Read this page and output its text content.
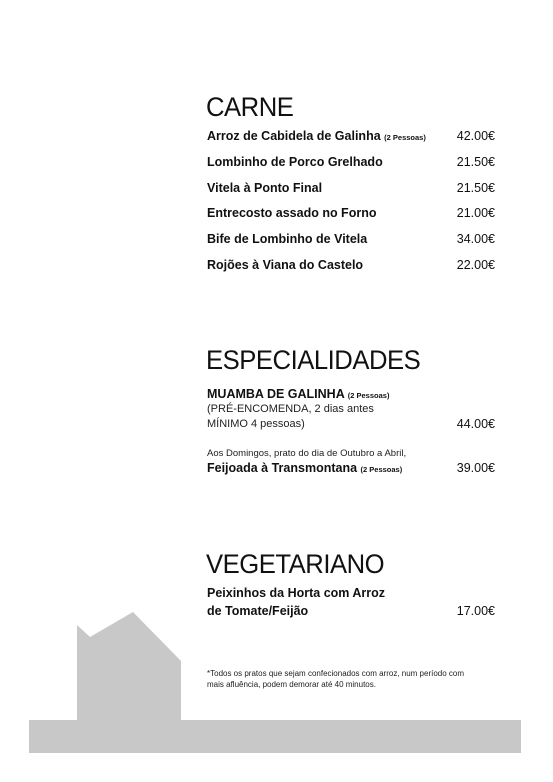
CARNE
Arroz de Cabidela de Galinha (2 Pessoas)	42.00€
Lombinho de Porco Grelhado	21.50€
Vitela à Ponto Final	21.50€
Entrecosto assado no Forno	21.00€
Bife de Lombinho de Vitela	34.00€
Rojões à Viana do Castelo	22.00€
ESPECIALIDADES
MUAMBA DE GALINHA (2 Pessoas)
(PRÉ-ENCOMENDA, 2 dias antes
MÍNIMO 4 pessoas)	44.00€
Aos Domingos, prato do dia de Outubro a Abril,
Feijoada à Transmontana (2 Pessoas)	39.00€
VEGETARIANO
Peixinhos da Horta com Arroz
de Tomate/Feijão	17.00€
*Todos os pratos que sejam confecionados com arroz, num período com mais afluência, podem demorar até 40 minutos.
